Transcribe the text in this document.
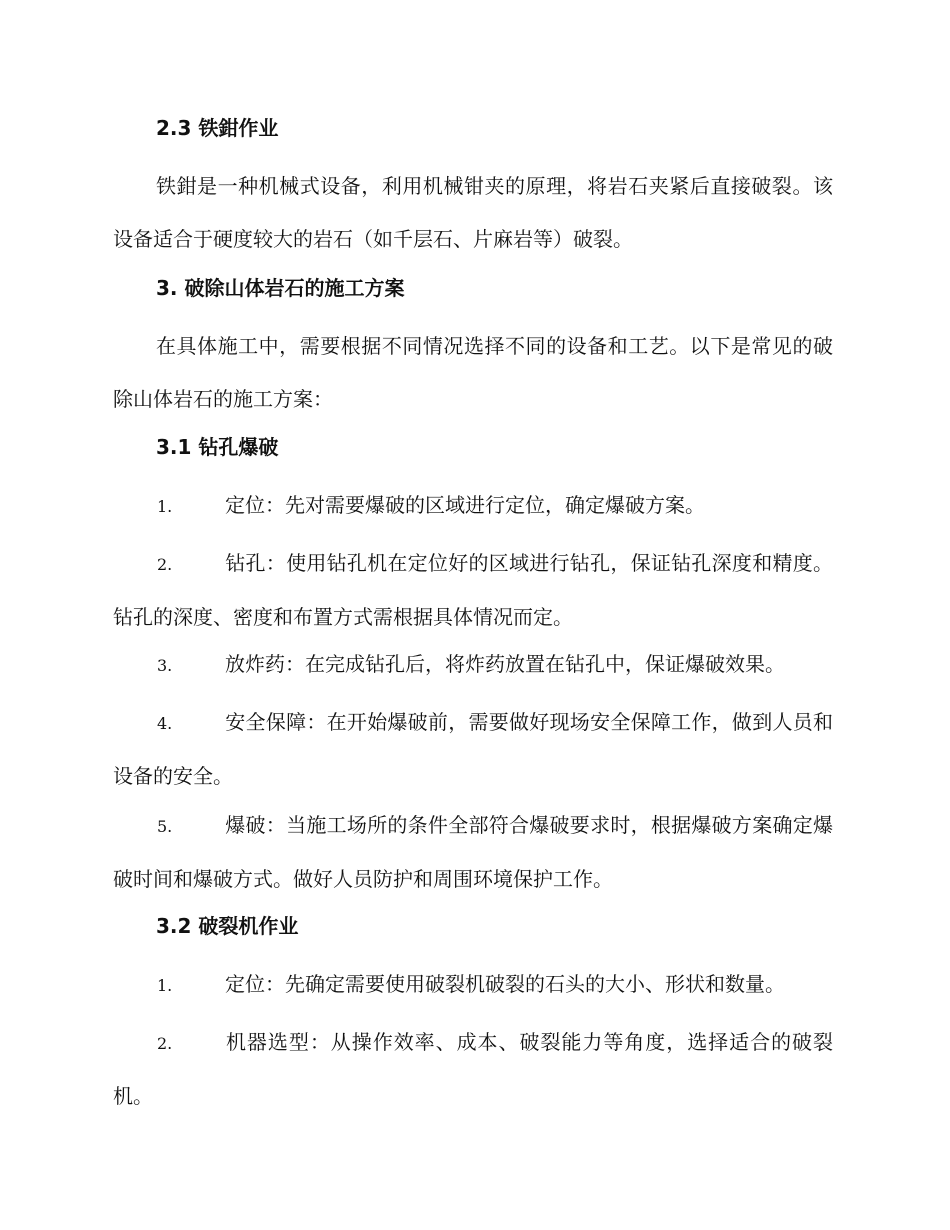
2.3 铁鉗作业
铁鉗是一种机械式设备，利用机械钳夹的原理，将岩石夹紧后直接破裂。该设备适合于硬度较大的岩石（如千层石、片麻岩等）破裂。
3. 破除山体岩石的施工方案
在具体施工中，需要根据不同情况选择不同的设备和工艺。以下是常见的破除山体岩石的施工方案：
3.1 钻孔爆破
1.	定位：先对需要爆破的区域进行定位，确定爆破方案。
2.	钻孔：使用钻孔机在定位好的区域进行钻孔，保证钻孔深度和精度。钻孔的深度、密度和布置方式需根据具体情况而定。
3.	放炸药：在完成钻孔后，将炸药放置在钻孔中，保证爆破效果。
4.	安全保障：在开始爆破前，需要做好现场安全保障工作，做到人员和设备的安全。
5.	爆破：当施工场所的条件全部符合爆破要求时，根据爆破方案确定爆破时间和爆破方式。做好人员防护和周围环境保护工作。
3.2 破裂机作业
1.	定位：先确定需要使用破裂机破裂的石头的大小、形状和数量。
2.	机器选型：从操作效率、成本、破裂能力等角度，选择适合的破裂机。
